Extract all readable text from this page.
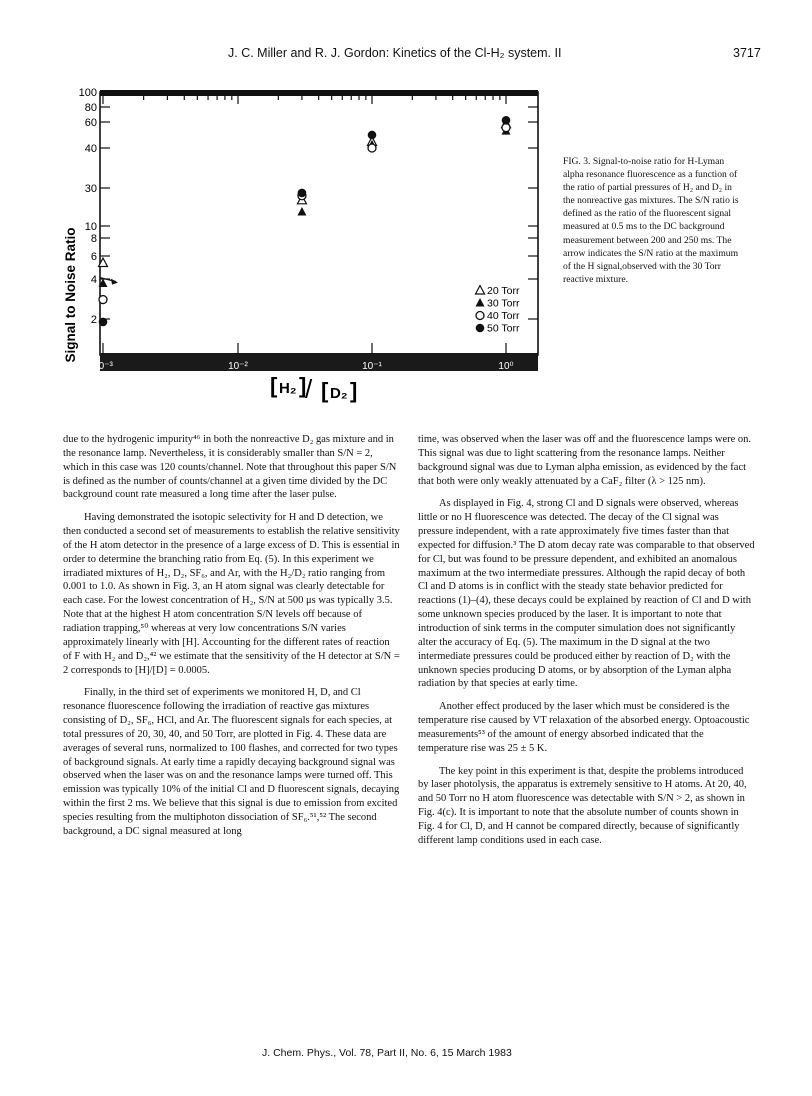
J. C. Miller and R. J. Gordon: Kinetics of the Cl-H₂ system. II	3717
100
80
60
40
30
10
8
6
4
2
10⁻³	10⁻²	10⁻¹	10⁰
20 Torr
30 Torr
40 Torr
50 Torr
Signal to Noise Ratio
[ H₂ ]
/ [ D₂ ]
FIG. 3. Signal-to-noise ratio for H-Lyman alpha resonance fluorescence as a function of the ratio of partial pressures of H₂ and D₂ in the nonreactive gas mixtures. The S/N ratio is defined as the ratio of the fluorescent signal measured at 0.5 ms to the DC background measurement between 200 and 250 ms. The arrow indicates the S/N ratio at the maximum of the H signal,observed with the 30 Torr reactive mixture.

due to the hydrogenic impurity⁴⁶ in both the nonreactive D₂ gas mixture and in the resonance lamp. Nevertheless, it is considerably smaller than S/N = 2, which in this case was 120 counts/channel. Note that throughout this paper S/N is defined as the number of counts/channel at a given time divided by the DC background count rate measured a long time after the laser pulse.

Having demonstrated the isotopic selectivity for H and D detection, we then conducted a second set of measurements to establish the relative sensitivity of the H atom detector in the presence of a large excess of D. This is essential in order to determine the branching ratio from Eq. (5). In this experiment we irradiated mixtures of H₂, D₂, SF₆, and Ar, with the H₂/D₂ ratio ranging from 0.001 to 1.0. As shown in Fig. 3, an H atom signal was clearly detectable for each case. For the lowest concentration of H₂, S/N at 500 μs was typically 3.5. Note that at the highest H atom concentration S/N levels off because of radiation trapping,⁵⁰ whereas at very low concentrations S/N varies approximately linearly with [H]. Accounting for the different rates of reaction of F with H₂ and D₂,⁴² we estimate that the sensitivity of the H detector at S/N = 2 corresponds to [H]/[D] = 0.0005.

Finally, in the third set of experiments we monitored H, D, and Cl resonance fluorescence following the irradiation of reactive gas mixtures consisting of D₂, SF₆, HCl, and Ar. The fluorescent signals for each species, at total pressures of 20, 30, 40, and 50 Torr, are plotted in Fig. 4. These data are averages of several runs, normalized to 100 flashes, and corrected for two types of background signals. At early time a rapidly decaying background signal was observed when the laser was on and the resonance lamps were turned off. This emission was typically 10% of the initial Cl and D fluorescent signals, decaying within the first 2 ms. We believe that this signal is due to emission from excited species resulting from the multiphoton dissociation of SF₆.⁵¹,⁵² The second background, a DC signal measured at long

time, was observed when the laser was off and the fluorescence lamps were on. This signal was due to light scattering from the resonance lamps. Neither background signal was due to Lyman alpha emission, as evidenced by the fact that both were only weakly attenuated by a CaF₂ filter (λ > 125 nm).

As displayed in Fig. 4, strong Cl and D signals were observed, whereas little or no H fluorescence was detected. The decay of the Cl signal was pressure independent, with a rate approximately five times faster than that expected for diffusion.³ The D atom decay rate was comparable to that observed for Cl, but was found to be pressure dependent, and exhibited an anomalous maximum at the two intermediate pressures. Although the rapid decay of both Cl and D atoms is in conflict with the steady state behavior predicted for reactions (1)–(4), these decays could be explained by reaction of Cl and D with some unknown species produced by the laser. It is important to note that introduction of sink terms in the computer simulation does not significantly alter the accuracy of Eq. (5). The maximum in the D signal at the two intermediate pressures could be produced either by reaction of D₂ with the unknown species producing D atoms, or by absorption of the Lyman alpha radiation by that species at early time.

Another effect produced by the laser which must be considered is the temperature rise caused by VT relaxation of the absorbed energy. Optoacoustic measurements⁵³ of the amount of energy absorbed indicated that the temperature rise was 25 ± 5 K.

The key point in this experiment is that, despite the problems introduced by laser photolysis, the apparatus is extremely sensitive to H atoms. At 20, 40, and 50 Torr no H atom fluorescence was detectable with S/N > 2, as shown in Fig. 4(c). It is important to note that the absolute number of counts shown in Fig. 4 for Cl, D, and H cannot be compared directly, because of significantly different lamp conditions used in each case.

J. Chem. Phys., Vol. 78, Part II, No. 6, 15 March 1983
